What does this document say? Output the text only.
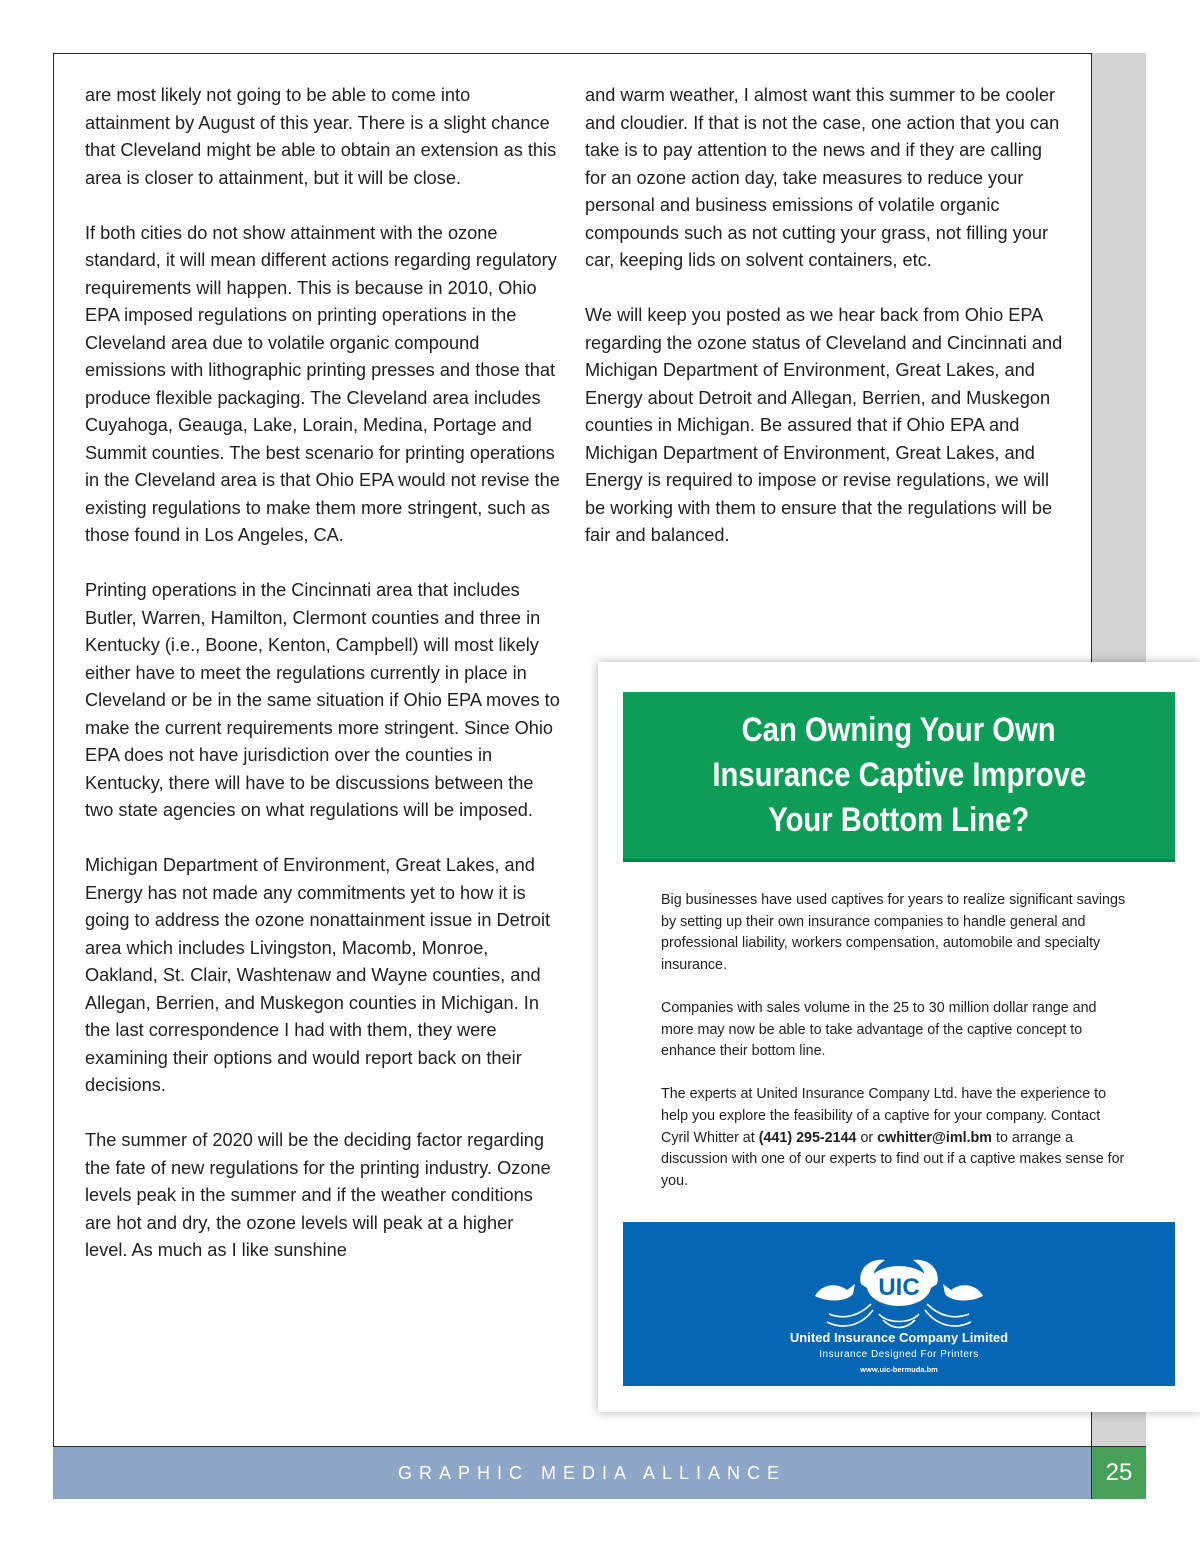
are most likely not going to be able to come into attainment by August of this year. There is a slight chance that Cleveland might be able to obtain an extension as this area is closer to attainment, but it will be close.

If both cities do not show attainment with the ozone standard, it will mean different actions regarding regulatory requirements will happen. This is because in 2010, Ohio EPA imposed regulations on printing operations in the Cleveland area due to volatile organic compound emissions with lithographic printing presses and those that produce flexible packaging. The Cleveland area includes Cuyahoga, Geauga, Lake, Lorain, Medina, Portage and Summit counties. The best scenario for printing operations in the Cleveland area is that Ohio EPA would not revise the existing regulations to make them more stringent, such as those found in Los Angeles, CA.

Printing operations in the Cincinnati area that includes Butler, Warren, Hamilton, Clermont counties and three in Kentucky (i.e., Boone, Kenton, Campbell) will most likely either have to meet the regulations currently in place in Cleveland or be in the same situation if Ohio EPA moves to make the current requirements more stringent. Since Ohio EPA does not have jurisdiction over the counties in Kentucky, there will have to be discussions between the two state agencies on what regulations will be imposed.

Michigan Department of Environment, Great Lakes, and Energy has not made any commitments yet to how it is going to address the ozone nonattainment issue in Detroit area which includes Livingston, Macomb, Monroe, Oakland, St. Clair, Washtenaw and Wayne counties, and Allegan, Berrien, and Muskegon counties in Michigan. In the last correspondence I had with them, they were examining their options and would report back on their decisions.

The summer of 2020 will be the deciding factor regarding the fate of new regulations for the printing industry. Ozone levels peak in the summer and if the weather conditions are hot and dry, the ozone levels will peak at a higher level. As much as I like sunshine

and warm weather, I almost want this summer to be cooler and cloudier. If that is not the case, one action that you can take is to pay attention to the news and if they are calling for an ozone action day, take measures to reduce your personal and business emissions of volatile organic compounds such as not cutting your grass, not filling your car, keeping lids on solvent containers, etc.

We will keep you posted as we hear back from Ohio EPA regarding the ozone status of Cleveland and Cincinnati and Michigan Department of Environment, Great Lakes, and Energy about Detroit and Allegan, Berrien, and Muskegon counties in Michigan. Be assured that if Ohio EPA and Michigan Department of Environment, Great Lakes, and Energy is required to impose or revise regulations, we will be working with them to ensure that the regulations will be fair and balanced.

Can Owning Your Own
Insurance Captive Improve
Your Bottom Line?

Big businesses have used captives for years to realize significant savings by setting up their own insurance companies to handle general and professional liability, workers compensation, automobile and specialty insurance.

Companies with sales volume in the 25 to 30 million dollar range and more may now be able to take advantage of the captive concept to enhance their bottom line.

The experts at United Insurance Company Ltd. have the experience to help you explore the feasibility of a captive for your company. Contact Cyril Whitter at (441) 295-2144 or cwhitter@iml.bm to arrange a discussion with one of our experts to find out if a captive makes sense for you.

UIC
United Insurance Company Limited
Insurance Designed For Printers
www.uic-bermuda.bm
GRAPHIC MEDIA ALLIANCE	25
